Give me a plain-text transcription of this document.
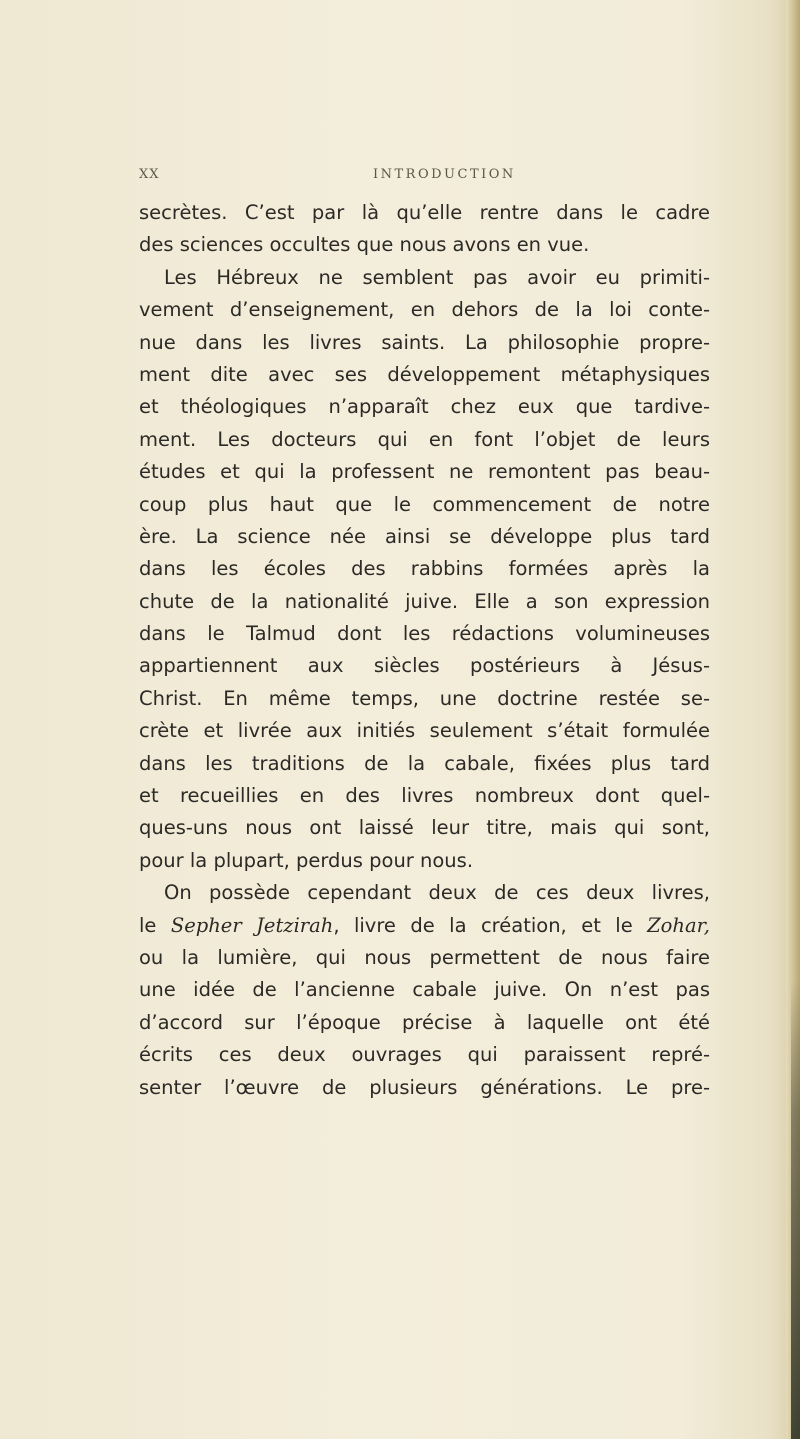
XX	INTRODUCTION
secrètes. C’est par là qu’elle rentre dans le cadre
des sciences occultes que nous avons en vue.
Les Hébreux ne semblent pas avoir eu primiti-
vement d’enseignement, en dehors de la loi conte-
nue dans les livres saints. La philosophie propre-
ment dite avec ses développement métaphysiques
et théologiques n’apparaît chez eux que tardive-
ment. Les docteurs qui en font l’objet de leurs
études et qui la professent ne remontent pas beau-
coup plus haut que le commencement de notre
ère. La science née ainsi se développe plus tard
dans les écoles des rabbins formées après la
chute de la nationalité juive. Elle a son expression
dans le Talmud dont les rédactions volumineuses
appartiennent aux siècles postérieurs à Jésus-
Christ. En même temps, une doctrine restée se-
crète et livrée aux initiés seulement s’était formulée
dans les traditions de la cabale, fixées plus tard
et recueillies en des livres nombreux dont quel-
ques-uns nous ont laissé leur titre, mais qui sont,
pour la plupart, perdus pour nous.
On possède cependant deux de ces deux livres,
le Sepher Jetzirah, livre de la création, et le Zohar,
ou la lumière, qui nous permettent de nous faire
une idée de l’ancienne cabale juive. On n’est pas
d’accord sur l’époque précise à laquelle ont été
écrits ces deux ouvrages qui paraissent repré-
senter l’œuvre de plusieurs générations. Le pre-
